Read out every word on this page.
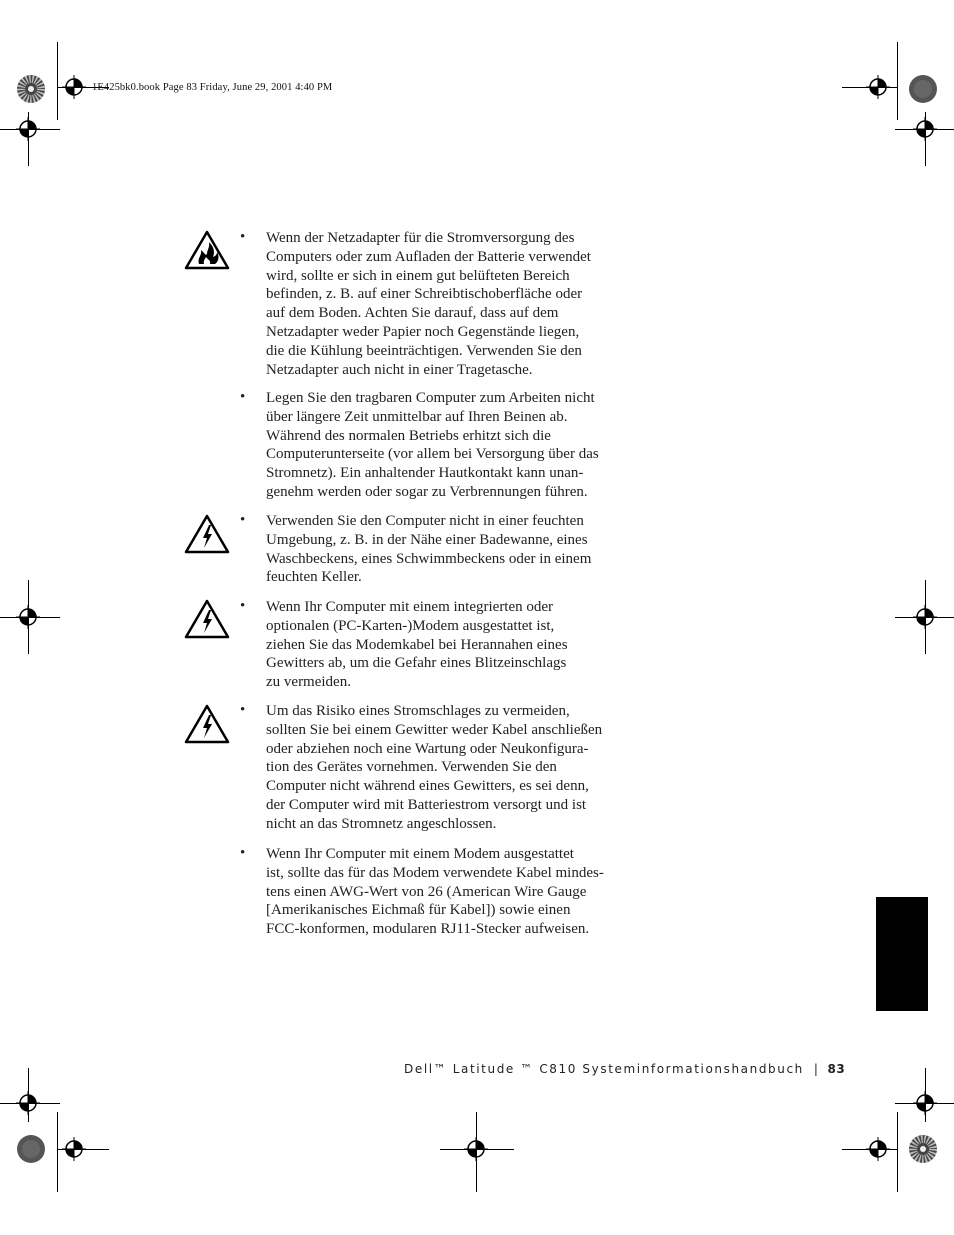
1E425bk0.book Page 83 Friday, June 29, 2001 4:40 PM
• Wenn der Netzadapter für die Stromversorgung des
Computers oder zum Aufladen der Batterie verwendet
wird, sollte er sich in einem gut belüfteten Bereich
befinden, z. B. auf einer Schreibtischoberfläche oder
auf dem Boden. Achten Sie darauf, dass auf dem
Netzadapter weder Papier noch Gegenstände liegen,
die die Kühlung beeinträchtigen. Verwenden Sie den
Netzadapter auch nicht in einer Tragetasche.

• Legen Sie den tragbaren Computer zum Arbeiten nicht
über längere Zeit unmittelbar auf Ihren Beinen ab.
Während des normalen Betriebs erhitzt sich die
Computerunterseite (vor allem bei Versorgung über das
Stromnetz). Ein anhaltender Hautkontakt kann unan-
genehm werden oder sogar zu Verbrennungen führen.

• Verwenden Sie den Computer nicht in einer feuchten
Umgebung, z. B. in der Nähe einer Badewanne, eines
Waschbeckens, eines Schwimmbeckens oder in einem
feuchten Keller.

• Wenn Ihr Computer mit einem integrierten oder
optionalen (PC-Karten-)Modem ausgestattet ist,
ziehen Sie das Modemkabel bei Herannahen eines
Gewitters ab, um die Gefahr eines Blitzeinschlags
zu vermeiden.

• Um das Risiko eines Stromschlages zu vermeiden,
sollten Sie bei einem Gewitter weder Kabel anschließen
oder abziehen noch eine Wartung oder Neukonfigura-
tion des Gerätes vornehmen. Verwenden Sie den
Computer nicht während eines Gewitters, es sei denn,
der Computer wird mit Batteriestrom versorgt und ist
nicht an das Stromnetz angeschlossen.

• Wenn Ihr Computer mit einem Modem ausgestattet
ist, sollte das für das Modem verwendete Kabel mindes-
tens einen AWG-Wert von 26 (American Wire Gauge
[Amerikanisches Eichmaß für Kabel]) sowie einen
FCC-konformen, modularen RJ11-Stecker aufweisen.

Dell™ Latitude ™ C810 Systeminformationshandbuch | 83
